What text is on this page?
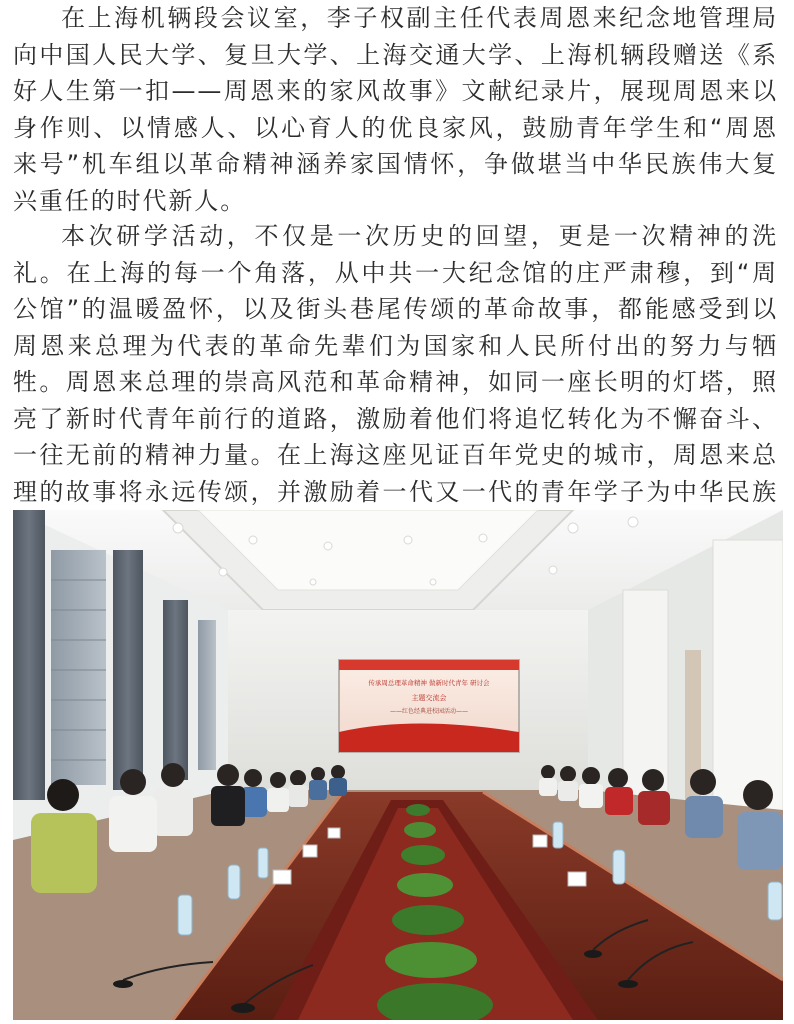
在上海机辆段会议室，李子权副主任代表周恩来纪念地管理局向中国人民大学、复旦大学、上海交通大学、上海机辆段赠送《系好人生第一扣——周恩来的家风故事》文献纪录片，展现周恩来以身作则、以情感人、以心育人的优良家风，鼓励青年学生和“周恩来号”机车组以革命精神涵养家国情怀，争做堪当中华民族伟大复兴重任的时代新人。

本次研学活动，不仅是一次历史的回望，更是一次精神的洗礼。在上海的每一个角落，从中共一大纪念馆的庄严肃穆，到“周公馆”的温暖盈怀，以及街头巷尾传颂的革命故事，都能感受到以周恩来总理为代表的革命先辈们为国家和人民所付出的努力与牺牲。周恩来总理的崇高风范和革命精神，如同一座长明的灯塔，照亮了新时代青年前行的道路，激励着他们将追忆转化为不懈奋斗、一往无前的精神力量。在上海这座见证百年党史的城市，周恩来总理的故事将永远传颂，并激励着一代又一代的青年学子为中华民族

传承周总理革命精神 做新时代青年 研讨会
主题交流会
——红色经典进校园活动——
